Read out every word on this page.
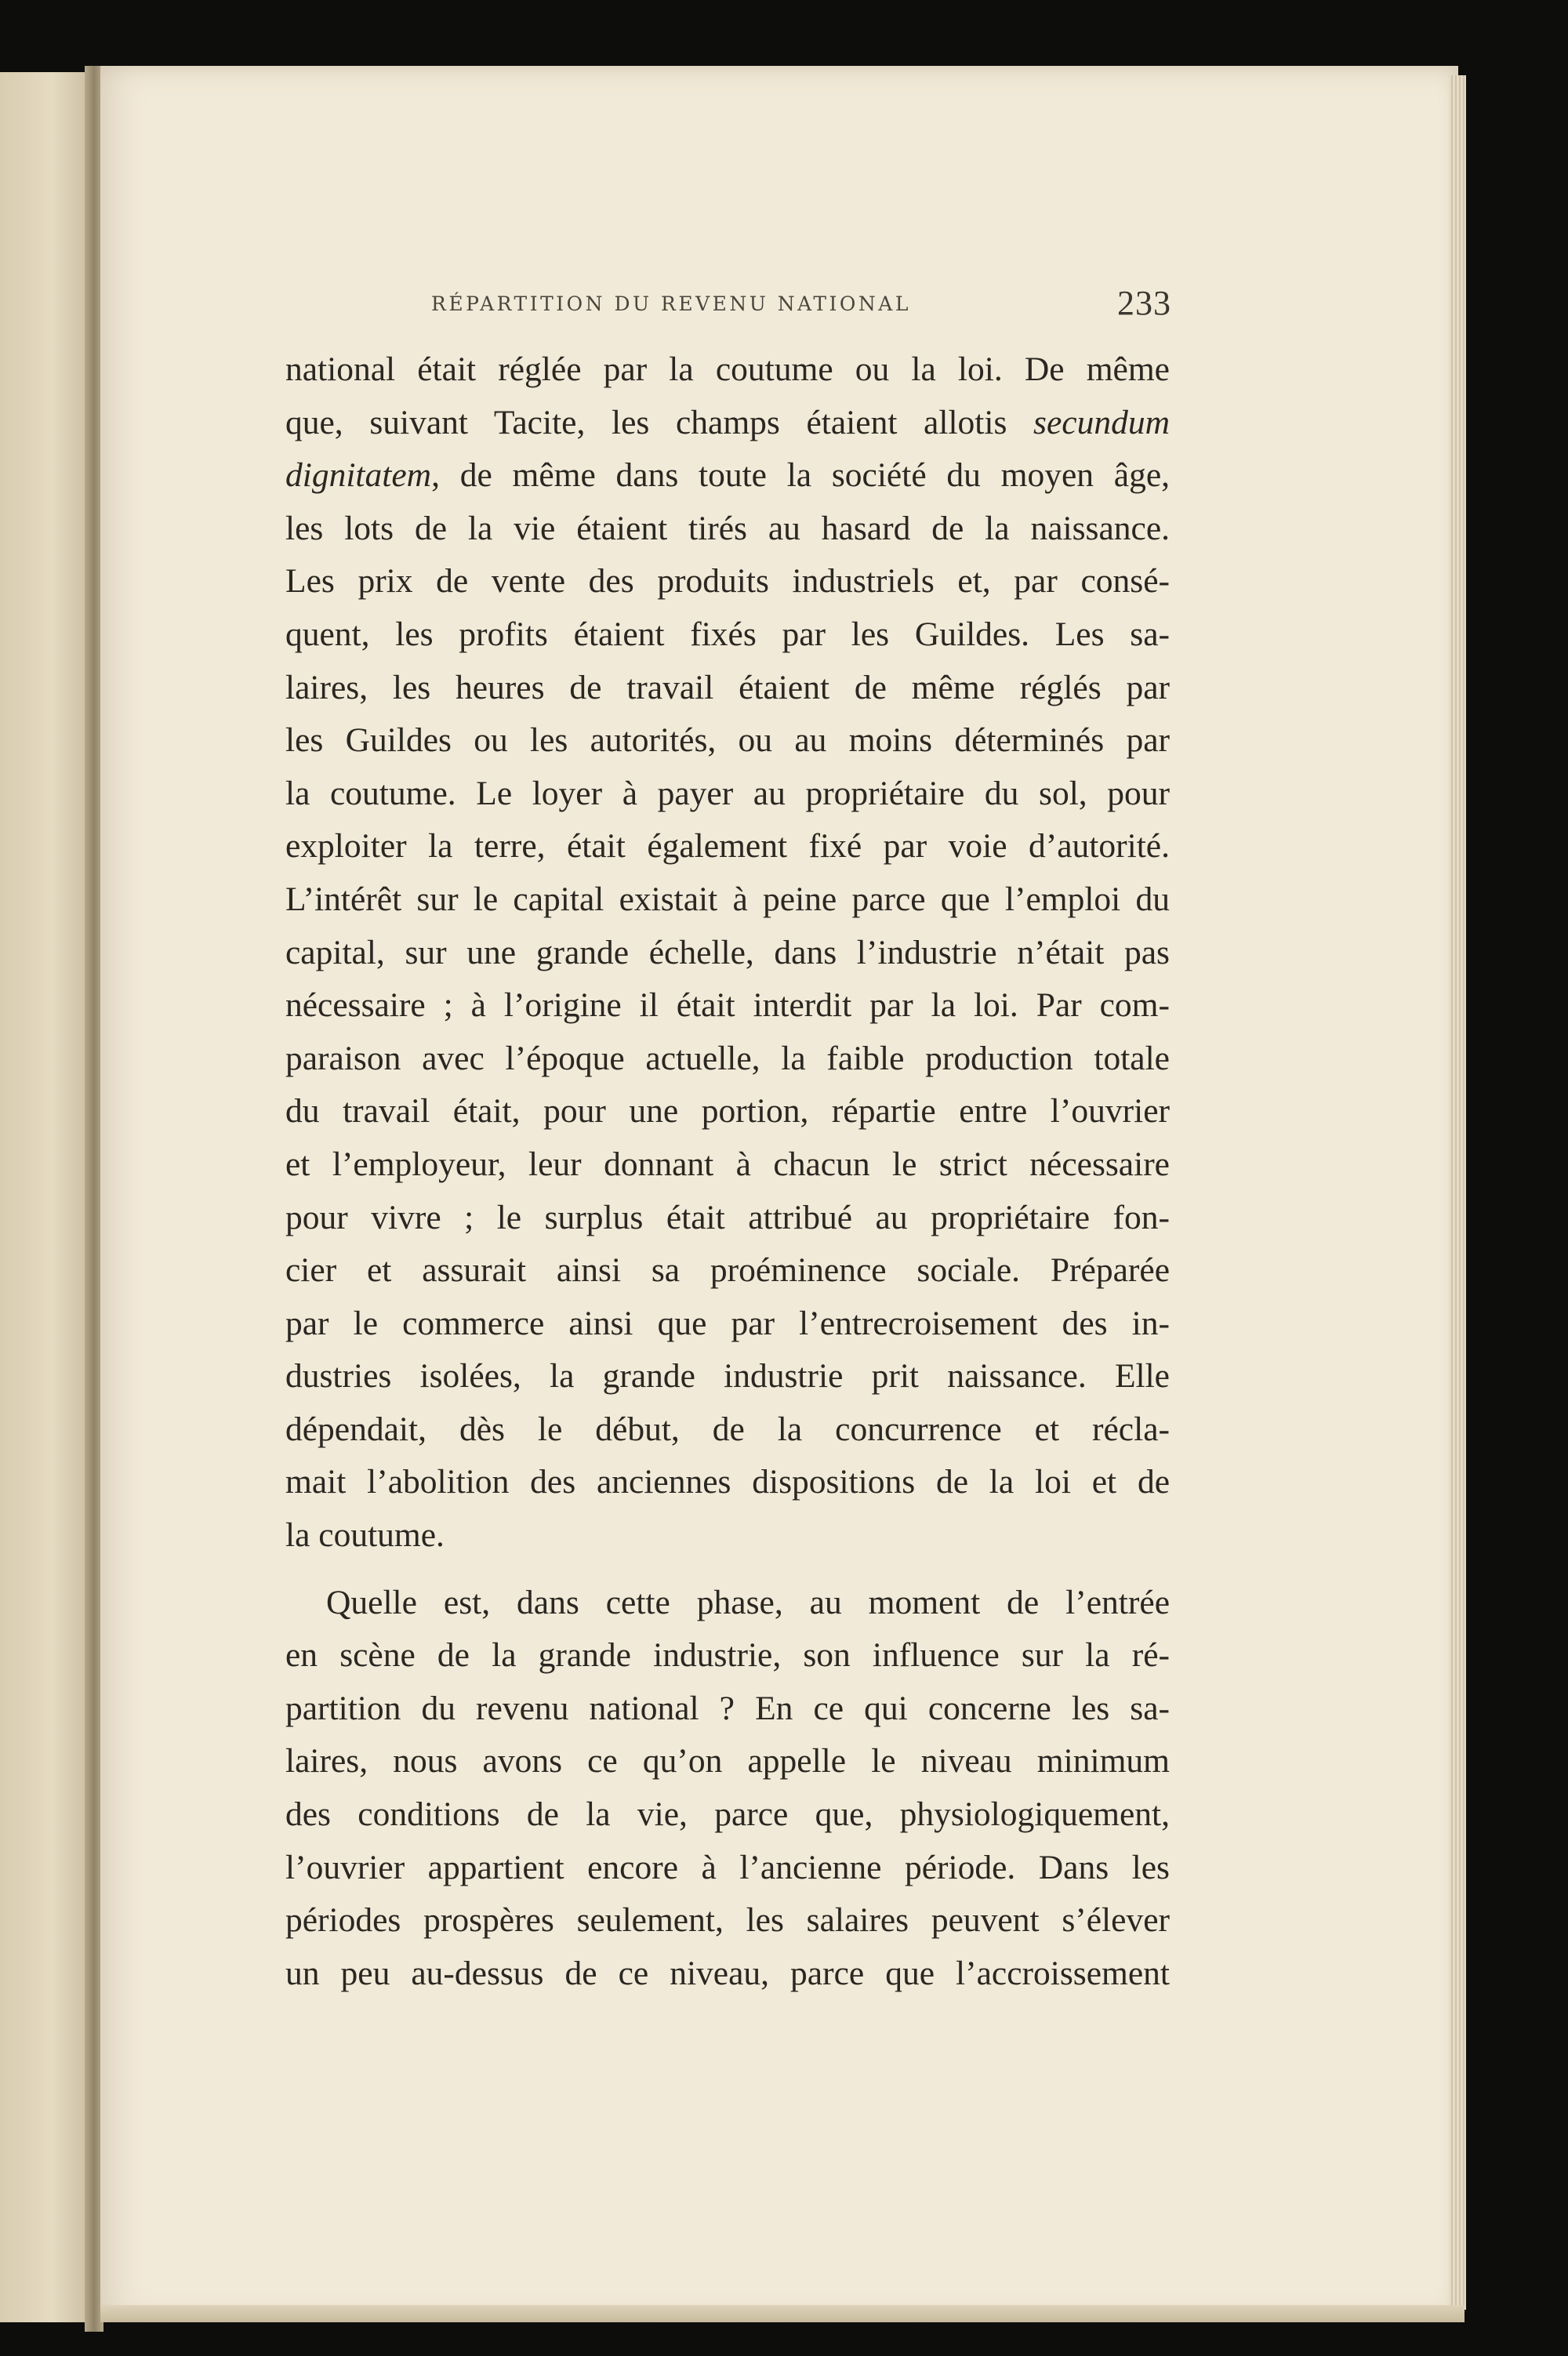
RÉPARTITION DU REVENU NATIONAL	233
national était réglée par la coutume ou la loi. De même
que, suivant Tacite, les champs étaient allotis secundum
dignitatem, de même dans toute la société du moyen âge,
les lots de la vie étaient tirés au hasard de la naissance.
Les prix de vente des produits industriels et, par consé-
quent, les profits étaient fixés par les Guildes. Les sa-
laires, les heures de travail étaient de même réglés par
les Guildes ou les autorités, ou au moins déterminés par
la coutume. Le loyer à payer au propriétaire du sol, pour
exploiter la terre, était également fixé par voie d’autorité.
L’intérêt sur le capital existait à peine parce que l’emploi du
capital, sur une grande échelle, dans l’industrie n’était pas
nécessaire ; à l’origine il était interdit par la loi. Par com-
paraison avec l’époque actuelle, la faible production totale
du travail était, pour une portion, répartie entre l’ouvrier
et l’employeur, leur donnant à chacun le strict nécessaire
pour vivre ; le surplus était attribué au propriétaire fon-
cier et assurait ainsi sa proéminence sociale. Préparée
par le commerce ainsi que par l’entrecroisement des in-
dustries isolées, la grande industrie prit naissance. Elle
dépendait, dès le début, de la concurrence et récla-
mait l’abolition des anciennes dispositions de la loi et de
la coutume.
Quelle est, dans cette phase, au moment de l’entrée
en scène de la grande industrie, son influence sur la ré-
partition du revenu national ? En ce qui concerne les sa-
laires, nous avons ce qu’on appelle le niveau minimum
des conditions de la vie, parce que, physiologiquement,
l’ouvrier appartient encore à l’ancienne période. Dans les
périodes prospères seulement, les salaires peuvent s’élever
un peu au-dessus de ce niveau, parce que l’accroissement
